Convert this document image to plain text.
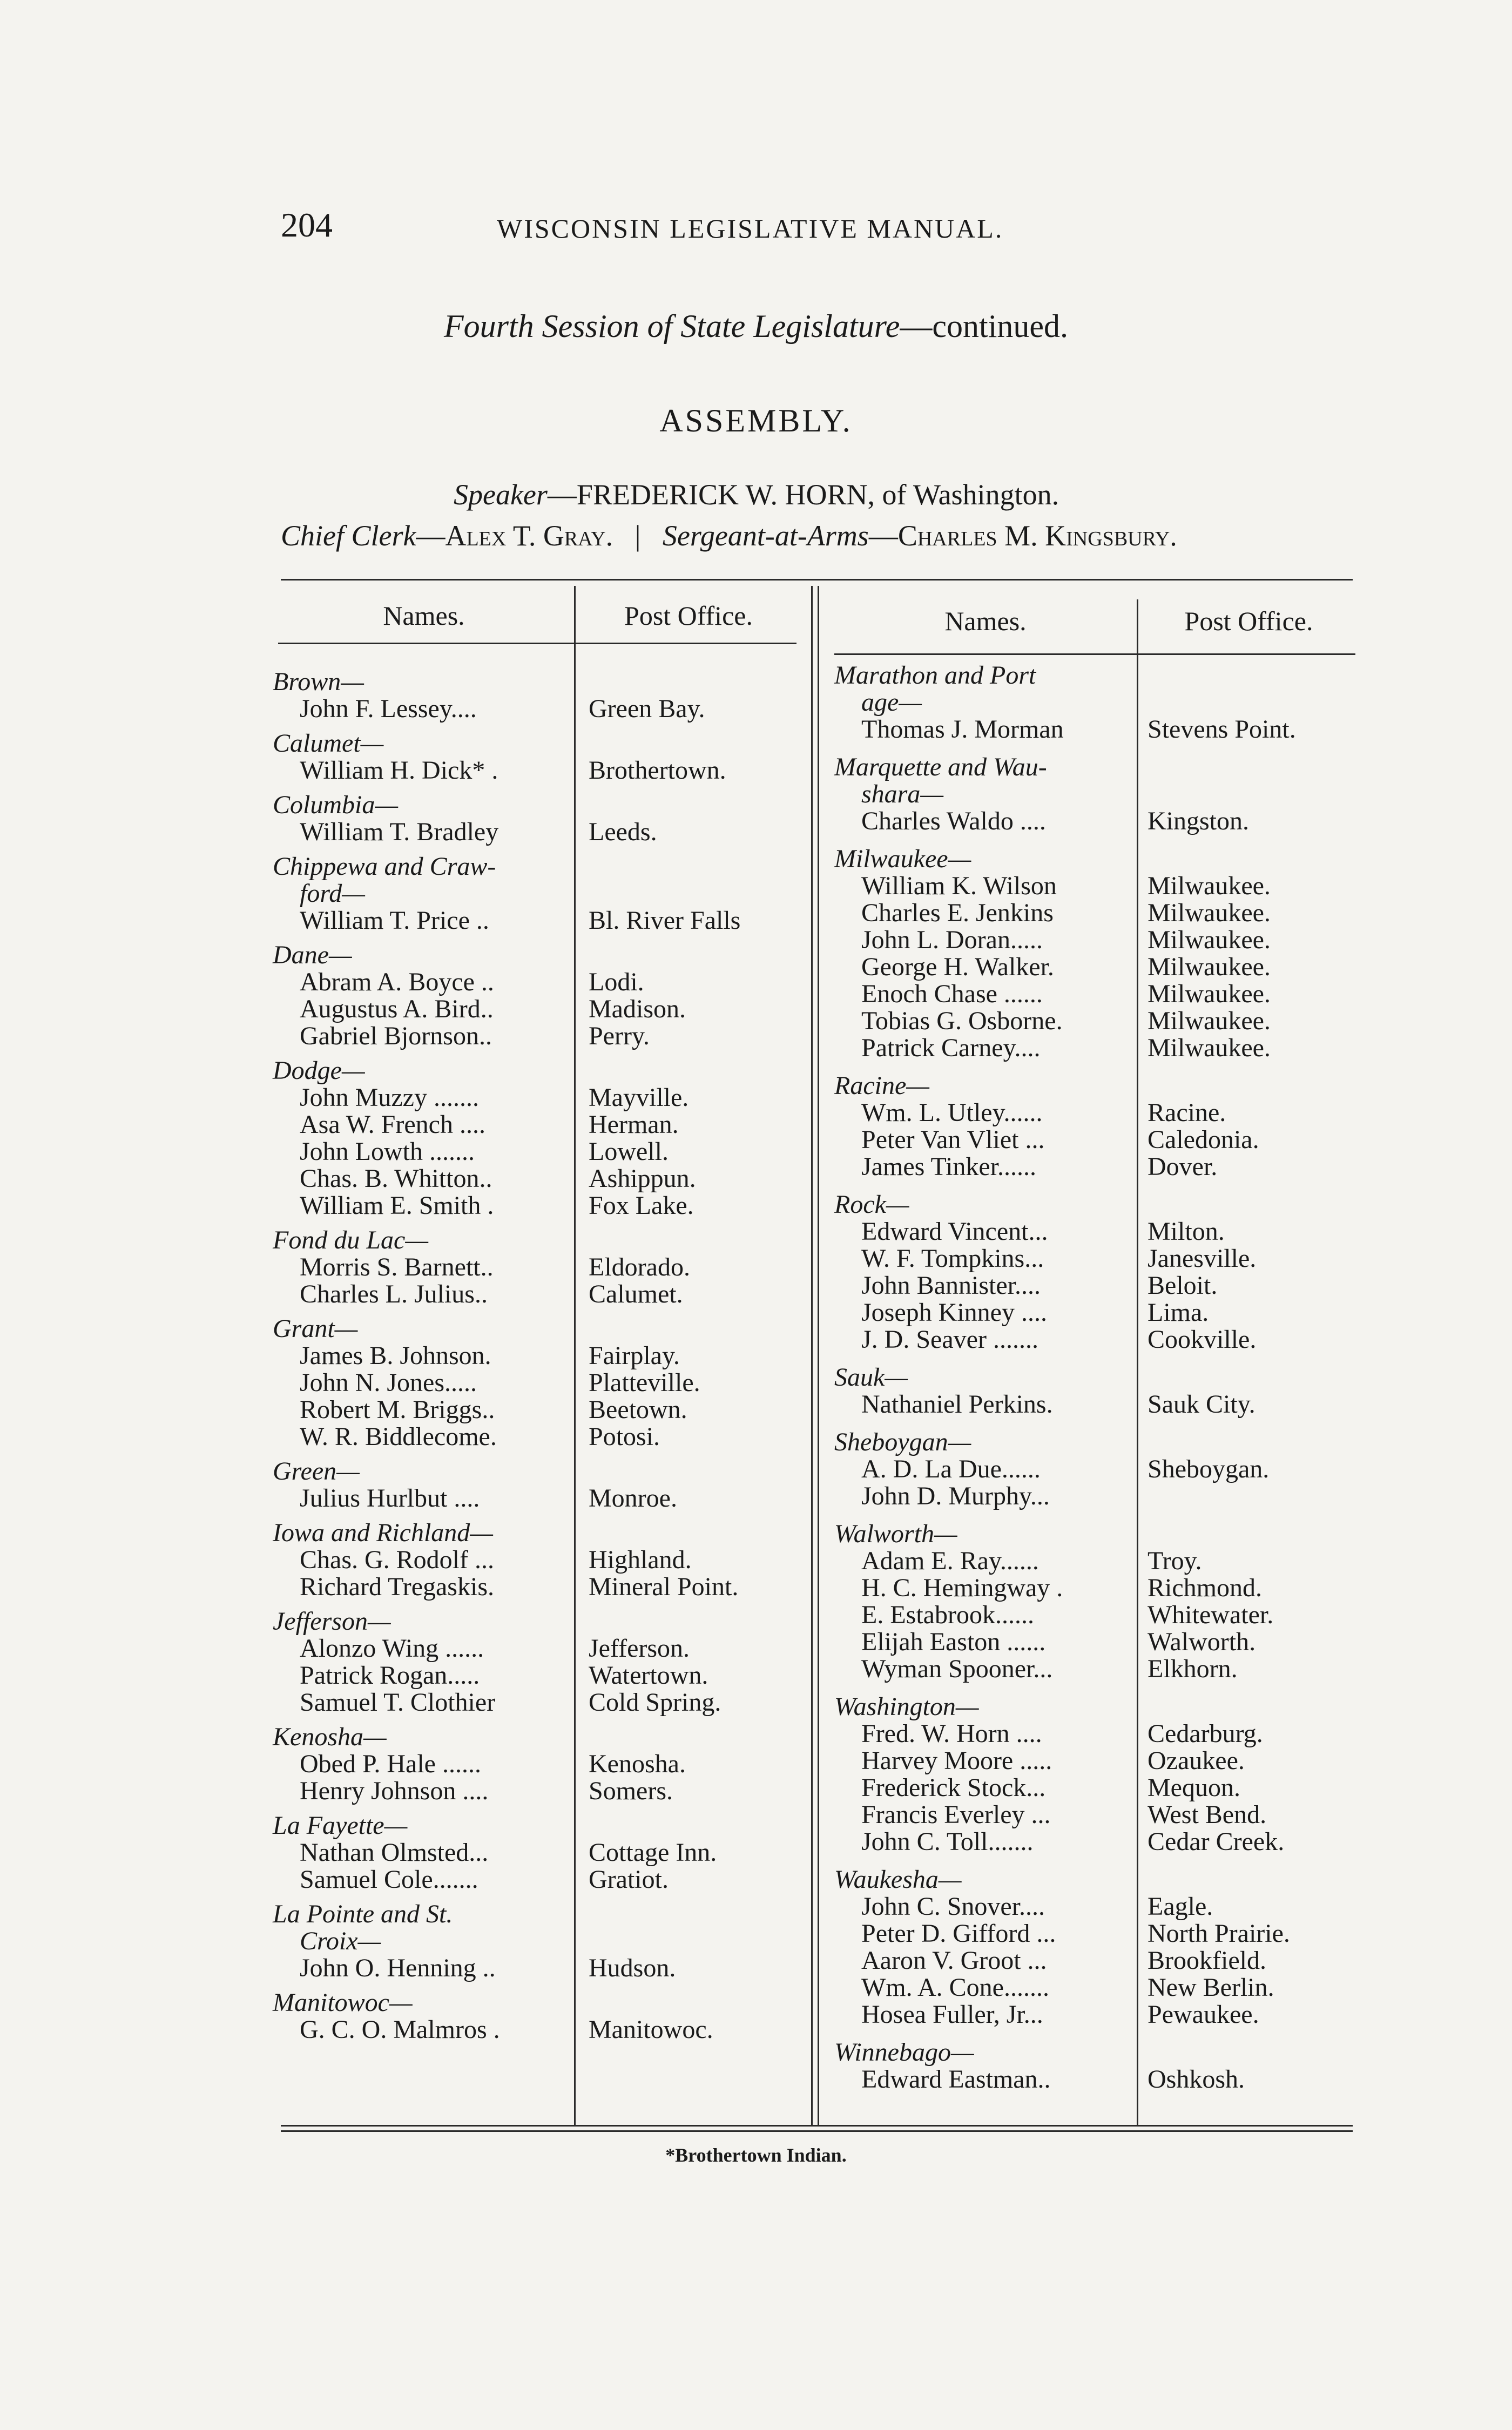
204	WISCONSIN LEGISLATIVE MANUAL.
Fourth Session of State Legislature—continued.
ASSEMBLY.
Speaker—FREDERICK W. HORN, of Washington.
Chief Clerk—Alex T. Gray. | Sergeant-at-Arms—Charles M. Kingsbury.
Names.	Post Office.
Brown—
John F. Lessey....	Green Bay.
Calumet—
William H. Dick* .	Brothertown.
Columbia—
William T. Bradley	Leeds.
Chippewa and Craw-
ford—
William T. Price ..	Bl. River Falls
Dane—
Abram A. Boyce ..	Lodi.
Augustus A. Bird..	Madison.
Gabriel Bjornson..	Perry.
Dodge—
John Muzzy .......	Mayville.
Asa W. French ....	Herman.
John Lowth .......	Lowell.
Chas. B. Whitton..	Ashippun.
William E. Smith .	Fox Lake.
Fond du Lac—
Morris S. Barnett..	Eldorado.
Charles L. Julius..	Calumet.
Grant—
James B. Johnson.	Fairplay.
John N. Jones.....	Platteville.
Robert M. Briggs..	Beetown.
W. R. Biddlecome.	Potosi.
Green—
Julius Hurlbut ....	Monroe.
Iowa and Richland—
Chas. G. Rodolf ...	Highland.
Richard Tregaskis.	Mineral Point.
Jefferson—
Alonzo Wing ......	Jefferson.
Patrick Rogan.....	Watertown.
Samuel T. Clothier	Cold Spring.
Kenosha—
Obed P. Hale ......	Kenosha.
Henry Johnson ....	Somers.
La Fayette—
Nathan Olmsted...	Cottage Inn.
Samuel Cole.......	Gratiot.
La Pointe and St.
Croix—
John O. Henning ..	Hudson.
Manitowoc—
G. C. O. Malmros .	Manitowoc.
Names.	Post Office.
Marathon and Port
age—
Thomas J. Morman	Stevens Point.
Marquette and Wau-
shara—
Charles Waldo ....	Kingston.
Milwaukee—
William K. Wilson	Milwaukee.
Charles E. Jenkins	Milwaukee.
John L. Doran.....	Milwaukee.
George H. Walker.	Milwaukee.
Enoch Chase ......	Milwaukee.
Tobias G. Osborne.	Milwaukee.
Patrick Carney....	Milwaukee.
Racine—
Wm. L. Utley......	Racine.
Peter Van Vliet ...	Caledonia.
James Tinker......	Dover.
Rock—
Edward Vincent...	Milton.
W. F. Tompkins...	Janesville.
John Bannister....	Beloit.
Joseph Kinney ....	Lima.
J. D. Seaver .......	Cookville.
Sauk—
Nathaniel Perkins.	Sauk City.
Sheboygan—
A. D. La Due......	Sheboygan.
John D. Murphy...
Walworth—
Adam E. Ray......	Troy.
H. C. Hemingway .	Richmond.
E. Estabrook......	Whitewater.
Elijah Easton ......	Walworth.
Wyman Spooner...	Elkhorn.
Washington—
Fred. W. Horn ....	Cedarburg.
Harvey Moore .....	Ozaukee.
Frederick Stock...	Mequon.
Francis Everley ...	West Bend.
John C. Toll.......	Cedar Creek.
Waukesha—
John C. Snover....	Eagle.
Peter D. Gifford ...	North Prairie.
Aaron V. Groot ...	Brookfield.
Wm. A. Cone.......	New Berlin.
Hosea Fuller, Jr...	Pewaukee.
Winnebago—
Edward Eastman..	Oshkosh.
*Brothertown Indian.
